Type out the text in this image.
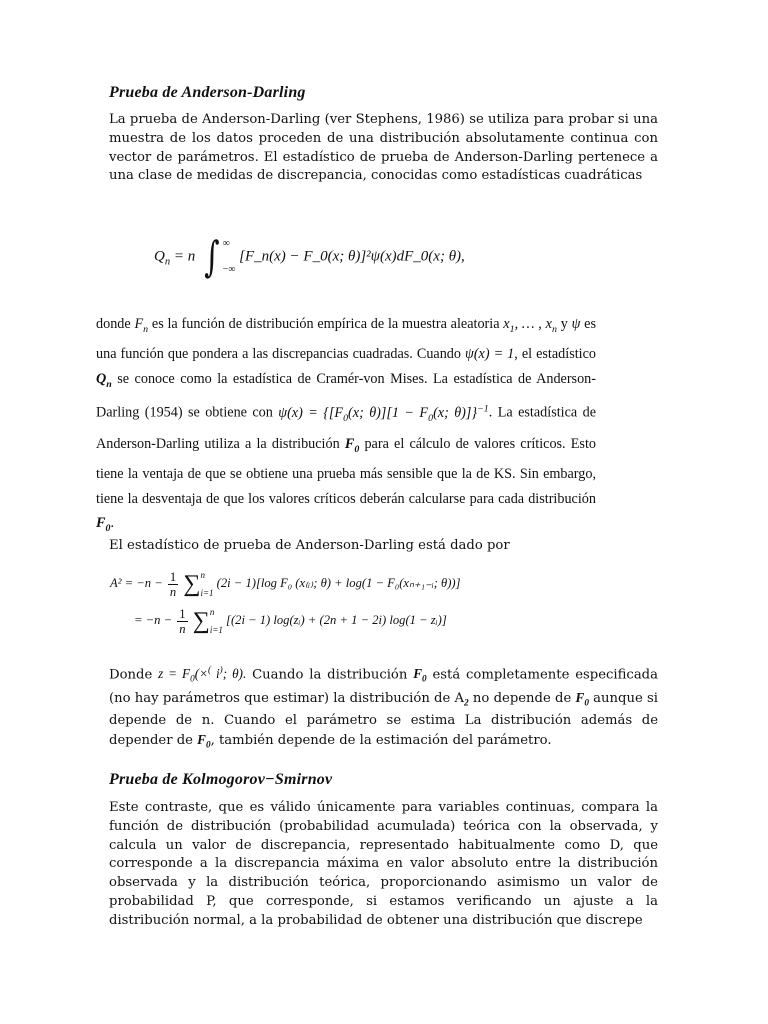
Prueba de Anderson-Darling

La prueba de Anderson-Darling (ver Stephens, 1986) se utiliza para probar si una muestra de los datos proceden de una distribución absolutamente continua con vector de parámetros. El estadístico de prueba de Anderson-Darling pertenece a una clase de medidas de discrepancia, conocidas como estadísticas cuadráticas

$Q_n = n$ ∫ ∞
−∞
[F_n(x) − F_0(x; θ)]²ψ(x)dF_0(x; θ),

donde $F_n$ es la función de distribución empírica de la muestra aleatoria $x_1$, … , $x_n$ y ψ es una función que pondera a las discrepancias cuadradas. Cuando ψ(x) = 1, el estadístico $Q_n$ se conoce como la estadística de Cramér-von Mises. La estadística de Anderson-Darling (1954) se obtiene con $\psi(x) = \{[F_0(x$; $\theta)][1 - F_0(x$; θ)]}$^{-1}$. La estadística de Anderson-Darling utiliza a la distribución $F_0$ para el cálculo de valores críticos. Esto tiene la ventaja de que se obtiene una prueba más sensible que la de KS. Sin embargo, tiene la desventaja de que los valores críticos deberán calcularse para cada distribución $F_0$.

El estadístico de prueba de Anderson-Darling está dado por

$A^2 = -n - \frac{1}{n}$ ∑ n
i=1
(2i − 1)[log F₀ (x₍ᵢ₎; θ) + log(1 − F₀(xₙ₊₁₋ᵢ; θ))]
= $-n - \frac{1}{n}$ ∑ n
i=1
[(2i − 1) log(zᵢ) + (2n + 1 − 2i) log(1 − zᵢ)]

Donde $z = F_0(\times^($ i); θ). Cuando la distribución $F_0$ está completamente especificada (no hay parámetros que estimar) la distribución de $A_2$ no depende de $F_0$ aunque si depende de n. Cuando el parámetro se estima La distribución además de depender de $F_0$, también depende de la estimación del parámetro.

Prueba de Kolmogorov−Smirnov

Este contraste, que es válido únicamente para variables continuas, compara la función de distribución (probabilidad acumulada) teórica con la observada, y calcula un valor de discrepancia, representado habitualmente como D, que corresponde a la discrepancia máxima en valor absoluto entre la distribución observada y la distribución teórica, proporcionando asimismo un valor de probabilidad P, que corresponde, si estamos verificando un ajuste a la distribución normal, a la probabilidad de obtener una distribución que discrepe
